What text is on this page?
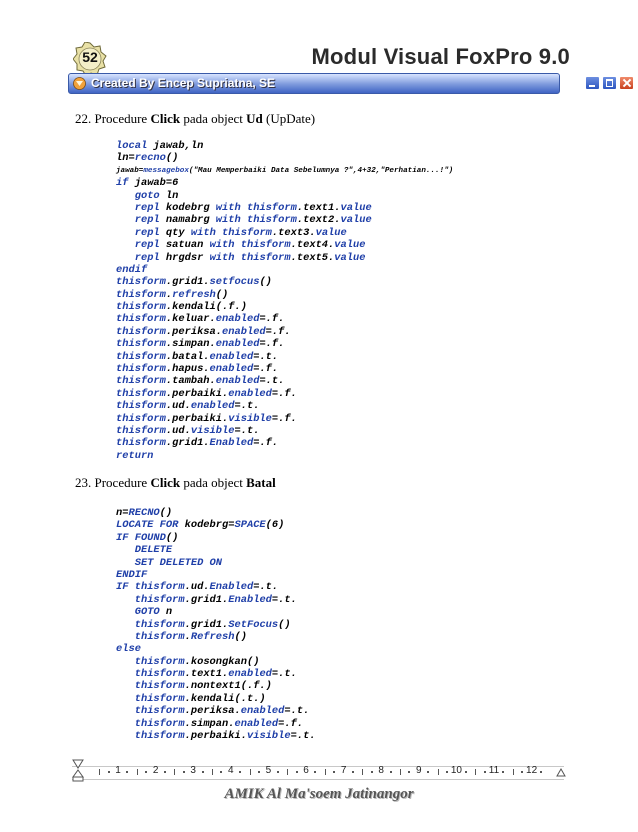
52	Modul Visual FoxPro 9.0
Created By Encep Supriatna, SE
22. Procedure Click pada object Ud (UpDate)
local jawab,ln
ln=recno()
jawab=messagebox("Mau Memperbaiki Data Sebelumnya ?",4+32,"Perhatian...!")
if jawab=6
goto ln
repl kodebrg with thisform.text1.value
repl namabrg with thisform.text2.value
repl qty with thisform.text3.value
repl satuan with thisform.text4.value
repl hrgdsr with thisform.text5.value
endif
thisform.grid1.setfocus()
thisform.refresh()
thisform.kendali(.f.)
thisform.keluar.enabled=.f.
thisform.periksa.enabled=.f.
thisform.simpan.enabled=.f.
thisform.batal.enabled=.t.
thisform.hapus.enabled=.f.
thisform.tambah.enabled=.t.
thisform.perbaiki.enabled=.f.
thisform.ud.enabled=.t.
thisform.perbaiki.visible=.f.
thisform.ud.visible=.t.
thisform.grid1.Enabled=.f.
return
23. Procedure Click pada object Batal
n=RECNO()
LOCATE FOR kodebrg=SPACE(6)
IF FOUND()
DELETE
SET DELETED ON
ENDIF
IF thisform.ud.Enabled=.t.
thisform.grid1.Enabled=.t.
GOTO n
thisform.grid1.SetFocus()
thisform.Refresh()
else
thisform.kosongkan()
thisform.text1.enabled=.t.
thisform.nontext1(.f.)
thisform.kendali(.t.)
thisform.periksa.enabled=.t.
thisform.simpan.enabled=.f.
thisform.perbaiki.visible=.t.
1	2	3	4	5	6	7	8	9	10	11	12
AMIK Al Ma'soem Jatinangor
